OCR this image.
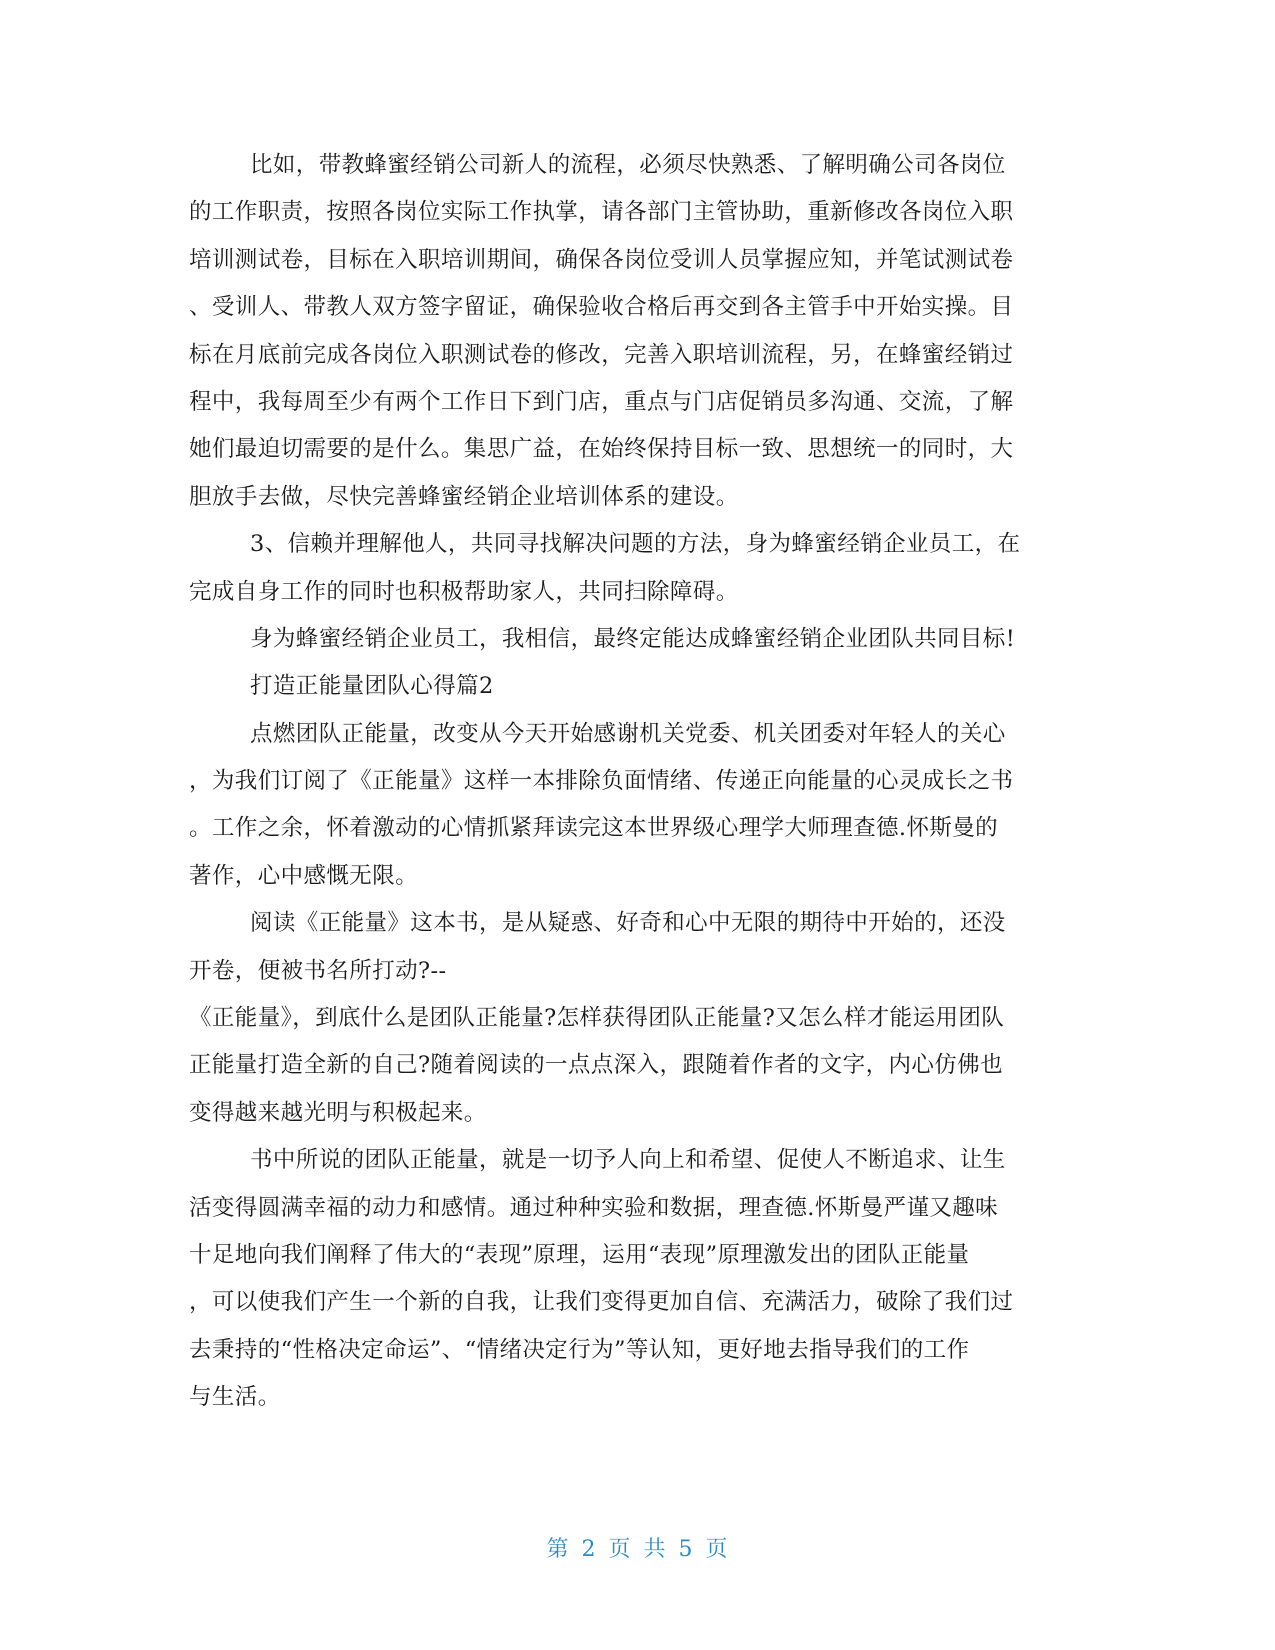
比如，带教蜂蜜经销公司新人的流程，必须尽快熟悉、了解明确公司各岗位
的工作职责，按照各岗位实际工作执掌，请各部门主管协助，重新修改各岗位入职
培训测试卷，目标在入职培训期间，确保各岗位受训人员掌握应知，并笔试测试卷
、受训人、带教人双方签字留证，确保验收合格后再交到各主管手中开始实操。目
标在月底前完成各岗位入职测试卷的修改，完善入职培训流程，另，在蜂蜜经销过
程中，我每周至少有两个工作日下到门店，重点与门店促销员多沟通、交流，了解
她们最迫切需要的是什么。集思广益，在始终保持目标一致、思想统一的同时，大
胆放手去做，尽快完善蜂蜜经销企业培训体系的建设。
3、信赖并理解他人，共同寻找解决问题的方法，身为蜂蜜经销企业员工，在
完成自身工作的同时也积极帮助家人，共同扫除障碍。
身为蜂蜜经销企业员工，我相信，最终定能达成蜂蜜经销企业团队共同目标!
打造正能量团队心得篇2
点燃团队正能量，改变从今天开始感谢机关党委、机关团委对年轻人的关心
，为我们订阅了《正能量》这样一本排除负面情绪、传递正向能量的心灵成长之书
。工作之余，怀着激动的心情抓紧拜读完这本世界级心理学大师理查德.怀斯曼的
著作，心中感慨无限。
阅读《正能量》这本书，是从疑惑、好奇和心中无限的期待中开始的，还没
开卷，便被书名所打动?--
《正能量》，到底什么是团队正能量?怎样获得团队正能量?又怎么样才能运用团队
正能量打造全新的自己?随着阅读的一点点深入，跟随着作者的文字，内心仿佛也
变得越来越光明与积极起来。
书中所说的团队正能量，就是一切予人向上和希望、促使人不断追求、让生
活变得圆满幸福的动力和感情。通过种种实验和数据，理查德.怀斯曼严谨又趣味
十足地向我们阐释了伟大的“表现”原理，运用“表现”原理激发出的团队正能量
，可以使我们产生一个新的自我，让我们变得更加自信、充满活力，破除了我们过
去秉持的“性格决定命运”、“情绪决定行为”等认知，更好地去指导我们的工作
与生活。
第 2 页 共 5 页
